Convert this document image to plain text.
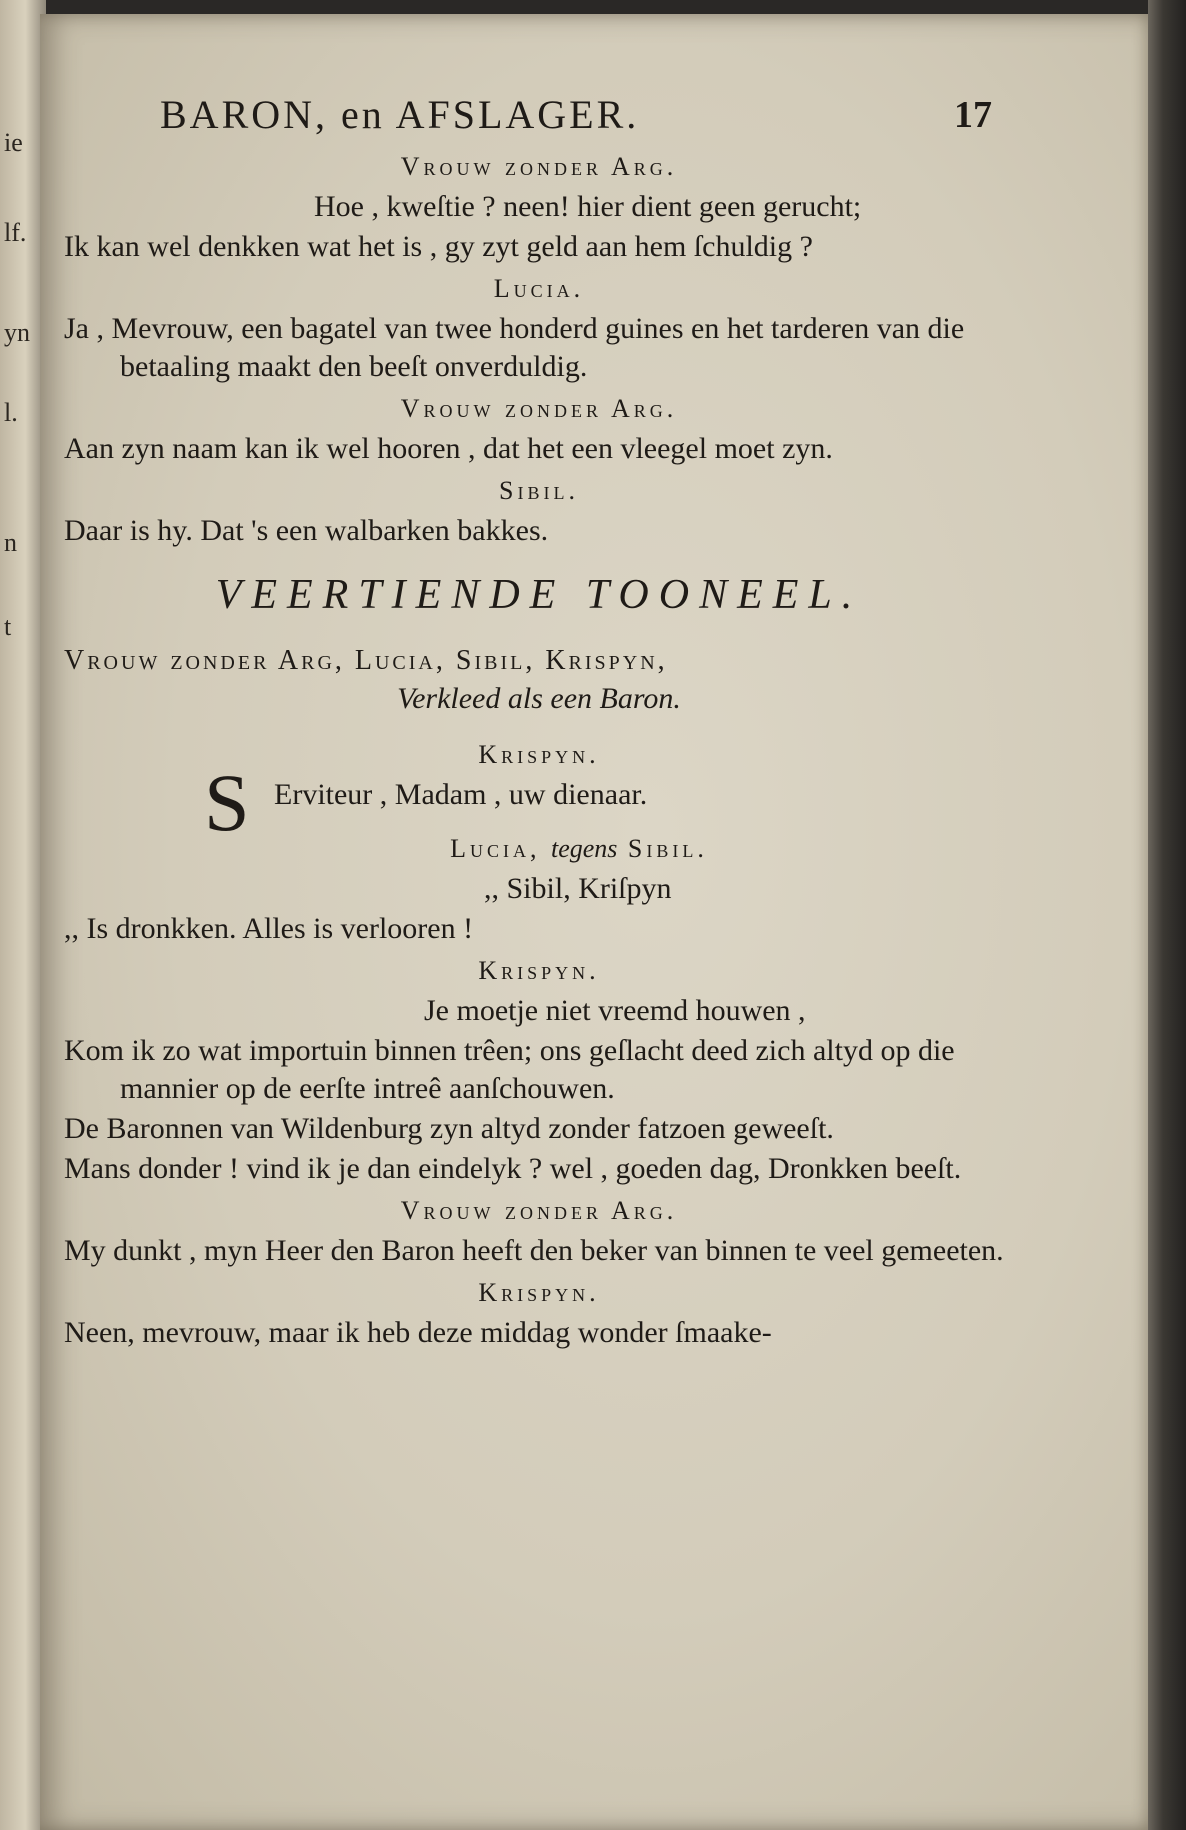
ie
lf.
yn
l.
n
t
BARON, en AFSLAGER.	17
Vrouw zonder Arg.
Hoe , kweſtie ? neen! hier dient geen gerucht;
Ik kan wel denkken wat het is , gy zyt geld aan hem ſchuldig ?
Lucia.
Ja , Mevrouw, een bagatel van twee honderd guines en het tarderen van die betaaling maakt den beeſt onverduldig.
Vrouw zonder Arg.
Aan zyn naam kan ik wel hooren , dat het een vleegel moet zyn.
Sibil.
Daar is hy. Dat 's een walbarken bakkes.
VEERTIENDE TOONEEL.
Vrouw zonder Arg, Lucia, Sibil, Krispyn,
Verkleed als een Baron.
Krispyn.
S Erviteur , Madam , uw dienaar.
Lucia, tegens Sibil.
,, Sibil, Kriſpyn
,, Is dronkken. Alles is verlooren !
Krispyn.
Je moetje niet vreemd houwen ,
Kom ik zo wat importuin binnen trêen; ons geſlacht deed zich altyd op die mannier op de eerſte intreê aanſchouwen.
De Baronnen van Wildenburg zyn altyd zonder fatzoen geweeſt.
Mans donder ! vind ik je dan eindelyk ? wel , goeden dag, Dronkken beeſt.
Vrouw zonder Arg.
My dunkt , myn Heer den Baron heeft den beker van binnen te veel gemeeten.
Krispyn.
Neen, mevrouw, maar ik heb deze middag wonder ſmaake-
